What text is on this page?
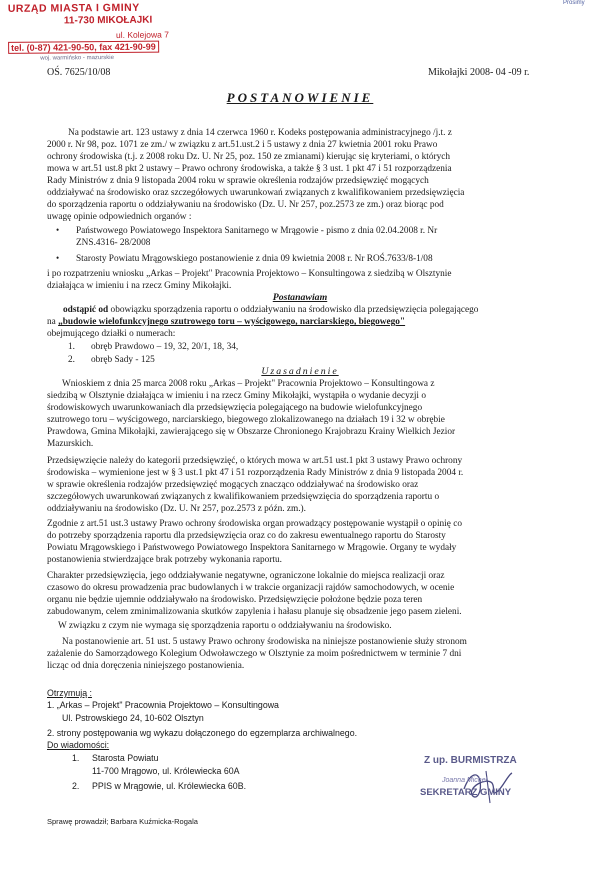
URZĄD MIASTA I GMINY
11-730 MIKOŁAJKI
ul. Kolejowa 7
tel. (0-87) 421-90-50, fax 421-90-99
woj. warmińsko - mazurskie
Prosimy
OŚ. 7625/10/08	Mikołajki 2008- 04 -09 r.
POSTANOWIENIE
Na podstawie art. 123 ustawy z dnia 14 czerwca 1960 r. Kodeks postępowania administracyjnego /j.t. z
2000 r. Nr 98, poz. 1071 ze zm./ w związku z art.51.ust.2 i 5 ustawy z dnia 27 kwietnia 2001 roku Prawo
ochrony środowiska (t.j. z 2008 roku Dz. U. Nr 25, poz. 150 ze zmianami) kierując się kryteriami, o których
mowa w art.51 ust.8 pkt 2 ustawy – Prawo ochrony środowiska, a także § 3 ust. 1 pkt 47 i 51 rozporządzenia
Rady Ministrów z dnia 9 listopada 2004 roku w sprawie określenia rodzajów przedsięwzięć mogących
oddziaływać na środowisko oraz szczegółowych uwarunkowań związanych z kwalifikowaniem przedsięwzięcia
do sporządzenia raportu o oddziaływaniu na środowisko (Dz. U. Nr 257, poz.2573 ze zm.) oraz biorąc pod
uwagę opinie odpowiednich organów :
• Państwowego Powiatowego Inspektora Sanitarnego w Mrągowie - pismo z dnia 02.04.2008 r. Nr
ZNS.4316- 28/2008
• Starosty Powiatu Mrągowskiego postanowienie z dnia 09 kwietnia 2008 r. Nr ROŚ.7633/8-1/08
i po rozpatrzeniu wniosku „Arkas – Projekt" Pracownia Projektowo – Konsultingowa z siedzibą w Olsztynie
działająca w imieniu i na rzecz Gminy Mikołajki.
Postanawiam
odstąpić od obowiązku sporządzenia raportu o oddziaływaniu na środowisko dla przedsięwzięcia polegającego
na „budowie wielofunkcyjnego szutrowego toru – wyścigowego, narciarskiego, biegowego"
obejmującego działki o numerach:
1. obręb Prawdowo – 19, 32, 20/1, 18, 34,
2. obręb Sady - 125
Uzasadnienie
Wnioskiem z dnia 25 marca 2008 roku „Arkas – Projekt" Pracownia Projektowo – Konsultingowa z
siedzibą w Olsztynie działająca w imieniu i na rzecz Gminy Mikołajki, wystąpiła o wydanie decyzji o
środowiskowych uwarunkowaniach dla przedsięwzięcia polegającego na budowie wielofunkcyjnego
szutrowego toru – wyścigowego, narciarskiego, biegowego zlokalizowanego na działach 19 i 32 w obrębie
Prawdowa, Gmina Mikołajki, zawierającego się w Obszarze Chronionego Krajobrazu Krainy Wielkich Jezior
Mazurskich.
Przedsięwzięcie należy do kategorii przedsięwzięć, o których mowa w art.51 ust.1 pkt 3 ustawy Prawo ochrony
środowiska – wymienione jest w § 3 ust.1 pkt 47 i 51 rozporządzenia Rady Ministrów z dnia 9 listopada 2004 r.
w sprawie określenia rodzajów przedsięwzięć mogących znacząco oddziaływać na środowisko oraz
szczegółowych uwarunkowań związanych z kwalifikowaniem przedsięwzięcia do sporządzenia raportu o
oddziaływaniu na środowisko (Dz. U. Nr 257, poz.2573 z późn. zm.).
Zgodnie z art.51 ust.3 ustawy Prawo ochrony środowiska organ prowadzący postępowanie wystąpił o opinię co
do potrzeby sporządzenia raportu dla przedsięwzięcia oraz co do zakresu ewentualnego raportu do Starosty
Powiatu Mrągowskiego i Państwowego Powiatowego Inspektora Sanitarnego w Mrągowie. Organy te wydały
postanowienia stwierdzające brak potrzeby wykonania raportu.
Charakter przedsięwzięcia, jego oddziaływanie negatywne, ograniczone lokalnie do miejsca realizacji oraz
czasowo do okresu prowadzenia prac budowlanych i w trakcie organizacji rajdów samochodowych, w ocenie
organu nie będzie ujemnie oddziaływało na środowisko. Przedsięwzięcie położone będzie poza teren
zabudowanym, celem zminimalizowania skutków zapylenia i hałasu planuje się obsadzenie jego pasem zieleni.
W związku z czym nie wymaga się sporządzenia raportu o oddziaływaniu na środowisko.
Na postanowienie art. 51 ust. 5 ustawy Prawo ochrony środowiska na niniejsze postanowienie służy stronom
zażalenie do Samorządowego Kolegium Odwoławczego w Olsztynie za moim pośrednictwem w terminie 7 dni
licząc od dnia doręczenia niniejszego postanowienia.
Otrzymują :
1. „Arkas – Projekt" Pracownia Projektowo – Konsultingowa
Ul. Pstrowskiego 24, 10-602 Olsztyn
2. strony postępowania wg wykazu dołączonego do egzemplarza archiwalnego.
Do wiadomości:
1. Starosta Powiatu
11-700 Mrągowo, ul. Królewiecka 60A
2. PPIS w Mrągowie, ul. Królewiecka 60B.
Z up. BURMISTRZA
Joanna Michel
SEKRETARZ GMINY
Sprawę prowadził; Barbara Kuźmicka-Rogala
